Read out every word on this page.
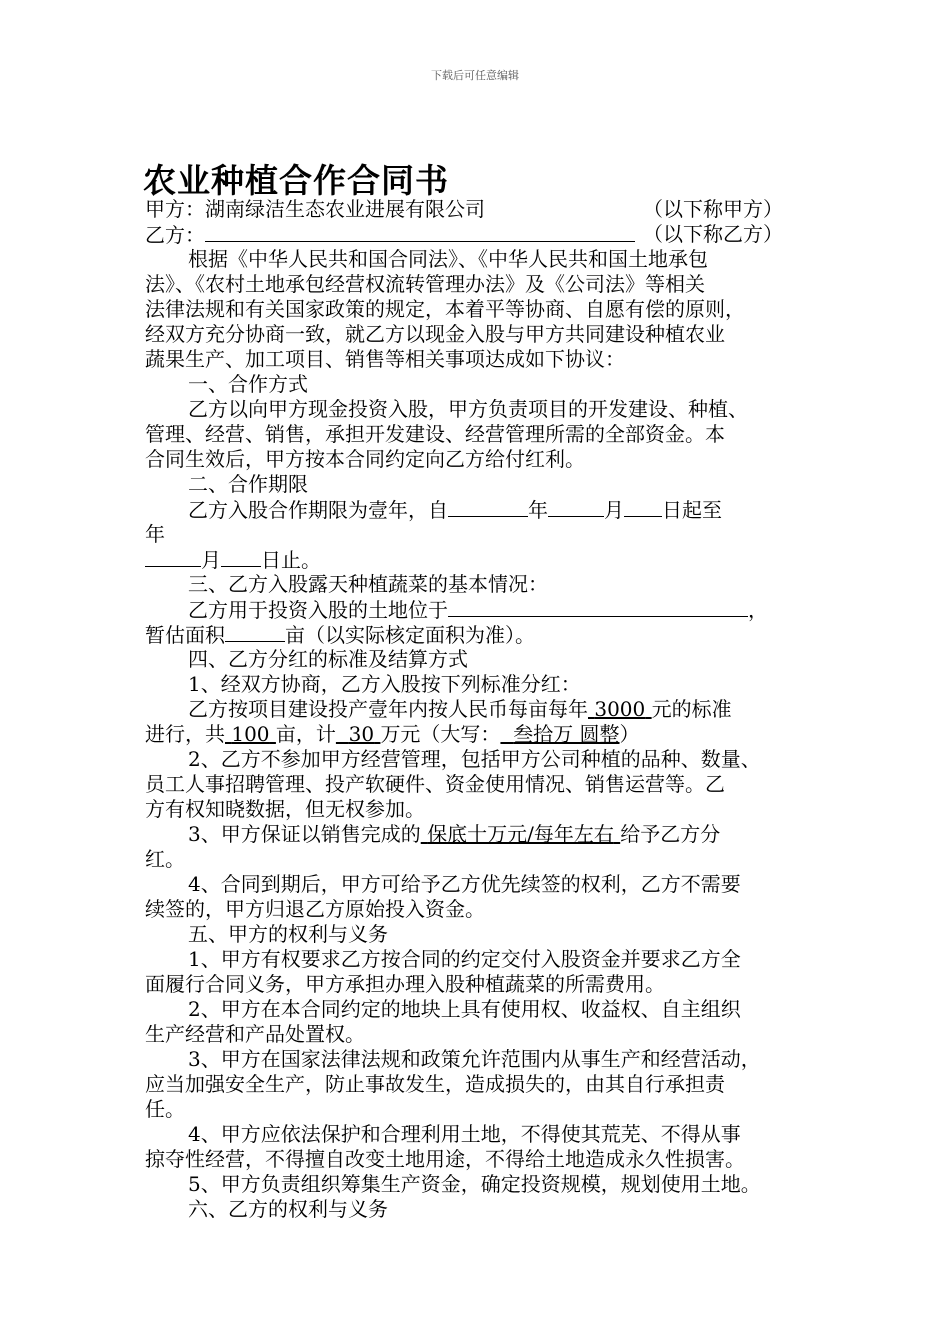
下载后可任意编辑
农业种植合作合同书
甲方：湖南绿洁生态农业进展有限公司	（以下称甲方）
乙方：	（以下称乙方）
根据《中华人民共和国合同法》、《中华人民共和国土地承包
法》、《农村土地承包经营权流转管理办法》及《公司法》等相关
法律法规和有关国家政策的规定，本着平等协商、自愿有偿的原则，
经双方充分协商一致，就乙方以现金入股与甲方共同建设种植农业
蔬果生产、加工项目、销售等相关事项达成如下协议：
一、合作方式
乙方以向甲方现金投资入股，甲方负责项目的开发建设、种植、
管理、经营、销售，承担开发建设、经营管理所需的全部资金。本
合同生效后，甲方按本合同约定向乙方给付红利。
二、合作期限
乙方入股合作期限为壹年，自	年	月 日起至
年
月 日止。
三、乙方入股露天种植蔬菜的基本情况：
乙方用于投资入股的土地位于	，
暂估面积	亩（以实际核定面积为准）。
四、乙方分红的标准及结算方式
1、经双方协商，乙方入股按下列标准分红：
乙方按项目建设投产壹年内按人民币每亩每年 3000 元的标准
进行，共 100 亩，计 30 万元（大写： 叁拾万 圆整）
2、乙方不参加甲方经营管理，包括甲方公司种植的品种、数量、
员工人事招聘管理、投产软硬件、资金使用情况、销售运营等。乙
方有权知晓数据，但无权参加。
3、甲方保证以销售完成的 保底十万元/每年左右 给予乙方分
红。
4、合同到期后，甲方可给予乙方优先续签的权利，乙方不需要
续签的，甲方归退乙方原始投入资金。
五、甲方的权利与义务
1、甲方有权要求乙方按合同的约定交付入股资金并要求乙方全
面履行合同义务，甲方承担办理入股种植蔬菜的所需费用。
2、甲方在本合同约定的地块上具有使用权、收益权、自主组织
生产经营和产品处置权。
3、甲方在国家法律法规和政策允许范围内从事生产和经营活动，
应当加强安全生产，防止事故发生，造成损失的，由其自行承担责
任。
4、甲方应依法保护和合理利用土地，不得使其荒芜、不得从事
掠夺性经营，不得擅自改变土地用途，不得给土地造成永久性损害。
5、甲方负责组织筹集生产资金，确定投资规模，规划使用土地。
六、乙方的权利与义务
